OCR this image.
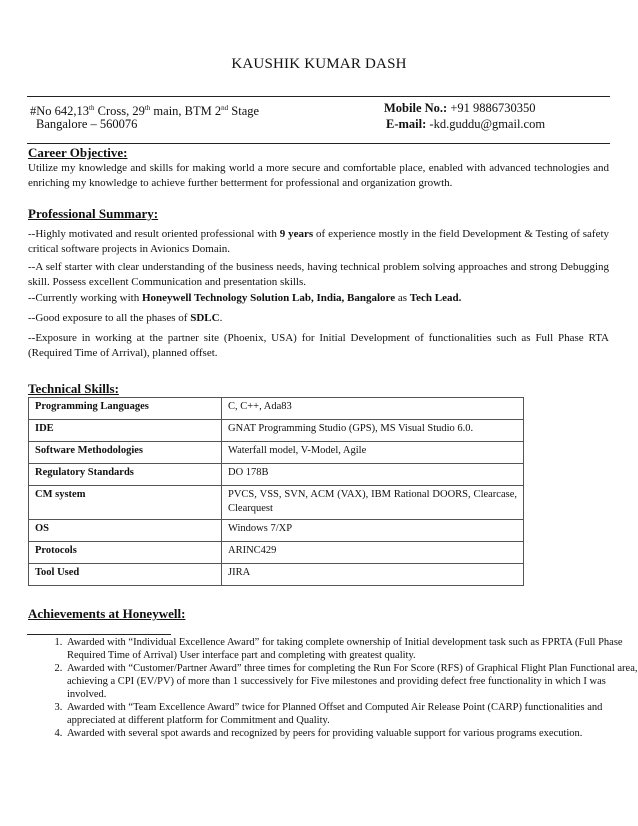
KAUSHIK KUMAR DASH
#No 642,13th Cross, 29th main, BTM 2nd Stage
Bangalore – 560076
Mobile No.: +91 9886730350
E-mail: -kd.guddu@gmail.com
Career Objective:
Utilize my knowledge and skills for making world a more secure and comfortable place, enabled with advanced technologies and enriching my knowledge to achieve further betterment for professional and organization growth.
Professional Summary:
--Highly motivated and result oriented professional with 9 years of experience mostly in the field Development & Testing of safety critical software projects in Avionics Domain.
--A self starter with clear understanding of the business needs, having technical problem solving approaches and strong Debugging skill. Possess excellent Communication and presentation skills.
--Currently working with Honeywell Technology Solution Lab, India, Bangalore as Tech Lead.
--Good exposure to all the phases of SDLC.
--Exposure in working at the partner site (Phoenix, USA) for Initial Development of functionalities such as Full Phase RTA (Required Time of Arrival), planned offset.
Technical Skills:
Programming Languages	C, C++, Ada83
IDE	GNAT Programming Studio (GPS), MS Visual Studio 6.0.
Software Methodologies	Waterfall model, V-Model, Agile
Regulatory Standards	DO 178B
CM system	PVCS, VSS, SVN, ACM (VAX), IBM Rational DOORS, Clearcase, Clearquest
OS	Windows 7/XP
Protocols	ARINC429
Tool Used	JIRA
Achievements at Honeywell:
1. Awarded with “Individual Excellence Award” for taking complete ownership of Initial development task such as FPRTA (Full Phase Required Time of Arrival) User interface part and completing with greatest quality.
2. Awarded with “Customer/Partner Award” three times for completing the Run For Score (RFS) of Graphical Flight Plan Functional area, achieving a CPI (EV/PV) of more than 1 successively for Five milestones and providing defect free functionality in which I was involved.
3. Awarded with “Team Excellence Award” twice for Planned Offset and Computed Air Release Point (CARP) functionalities and appreciated at different platform for Commitment and Quality.
4. Awarded with several spot awards and recognized by peers for providing valuable support for various programs execution.
